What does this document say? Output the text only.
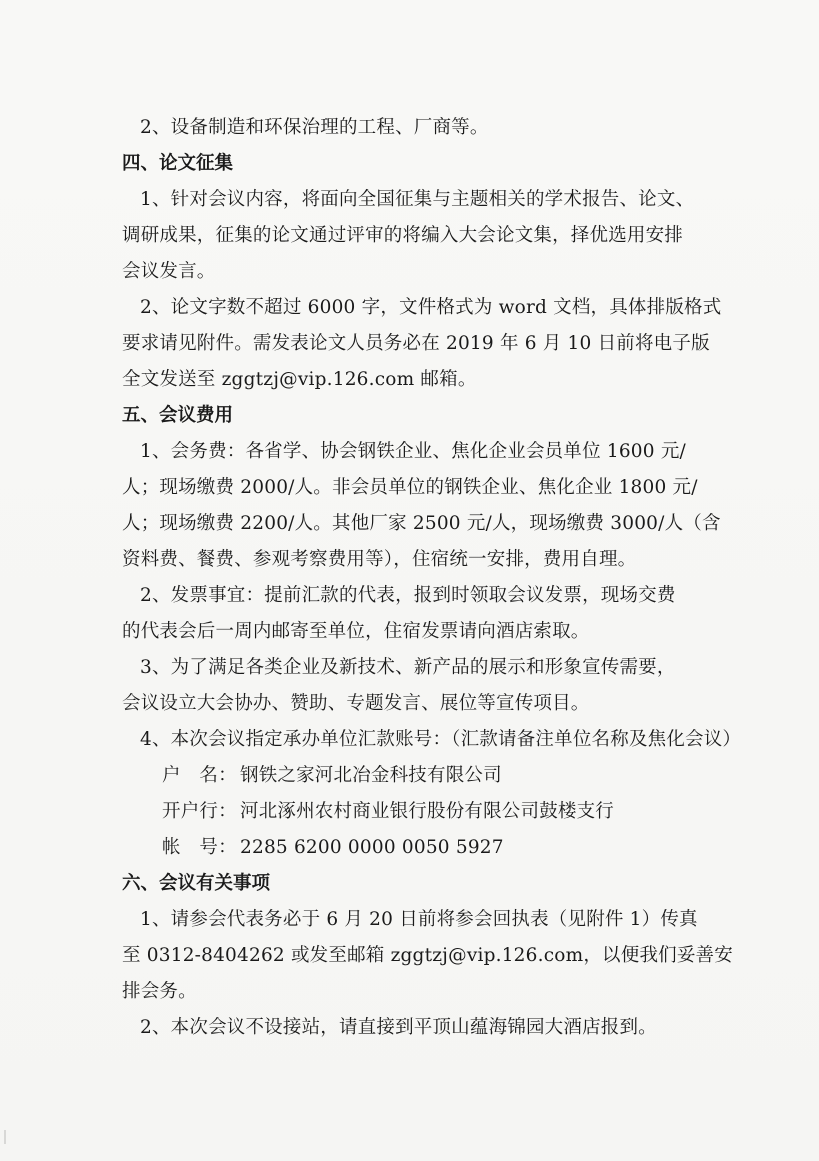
2、设备制造和环保治理的工程、厂商等。
四、论文征集
1、针对会议内容，将面向全国征集与主题相关的学术报告、论文、
调研成果，征集的论文通过评审的将编入大会论文集，择优选用安排
会议发言。
2、论文字数不超过 6000 字，文件格式为 word 文档，具体排版格式
要求请见附件。需发表论文人员务必在 2019 年 6 月 10 日前将电子版
全文发送至 zggtzj@vip.126.com 邮箱。
五、会议费用
1、会务费：各省学、协会钢铁企业、焦化企业会员单位 1600 元/
人；现场缴费 2000/人。非会员单位的钢铁企业、焦化企业 1800 元/
人；现场缴费 2200/人。其他厂家 2500 元/人，现场缴费 3000/人（含
资料费、餐费、参观考察费用等），住宿统一安排，费用自理。
2、发票事宜：提前汇款的代表，报到时领取会议发票，现场交费
的代表会后一周内邮寄至单位，住宿发票请向酒店索取。
3、为了满足各类企业及新技术、新产品的展示和形象宣传需要，
会议设立大会协办、赞助、专题发言、展位等宣传项目。
4、本次会议指定承办单位汇款账号：（汇款请备注单位名称及焦化会议）
户　名： 钢铁之家河北冶金科技有限公司
开户行： 河北涿州农村商业银行股份有限公司鼓楼支行
帐　号： 2285 6200 0000 0050 5927
六、会议有关事项
1、请参会代表务必于 6 月 20 日前将参会回执表（见附件 1）传真
至 0312-8404262 或发至邮箱 zggtzj@vip.126.com，以便我们妥善安
排会务。
2、本次会议不设接站，请直接到平顶山蕴海锦园大酒店报到。
